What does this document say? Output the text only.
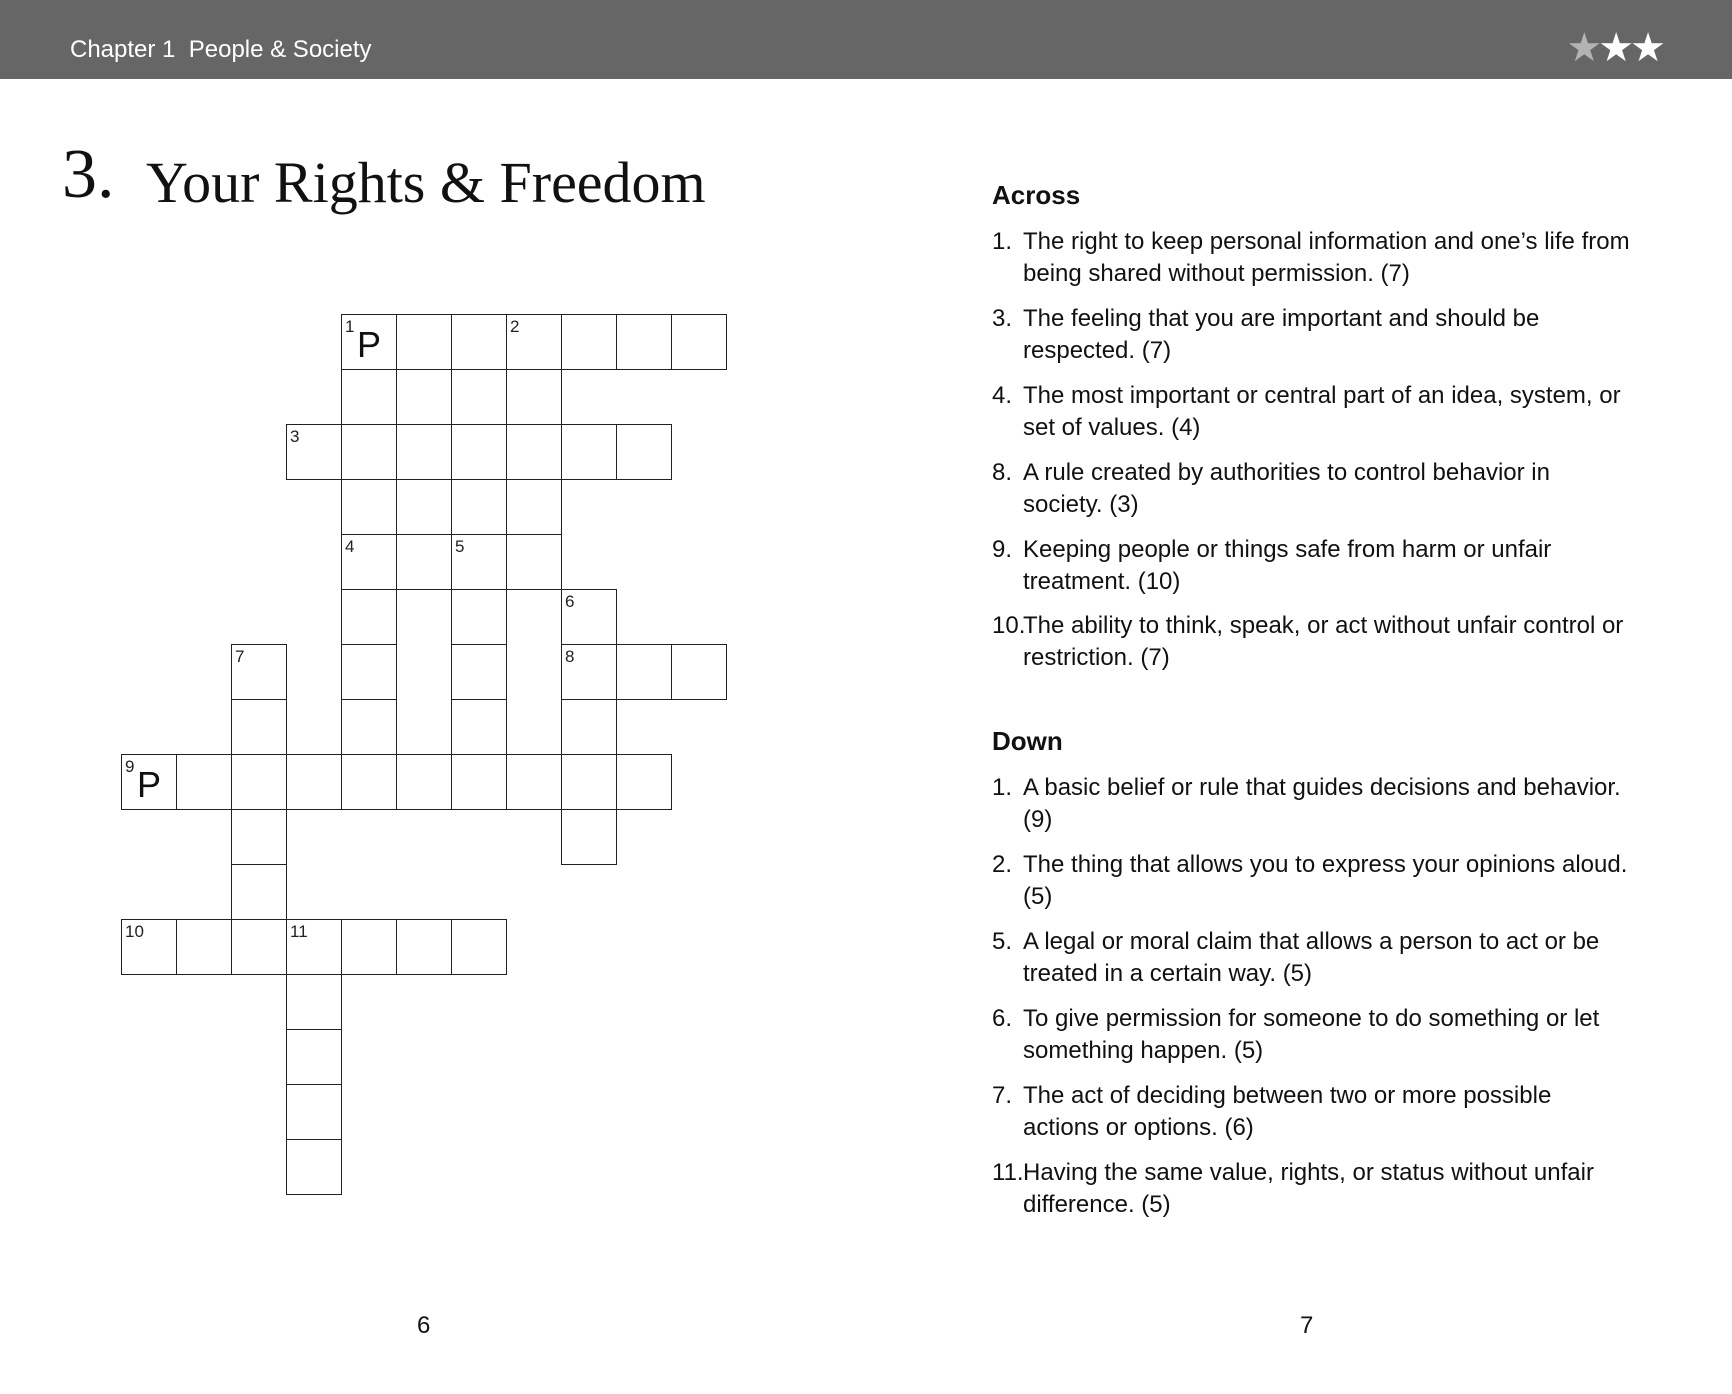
Chapter 1  People & Society	★★★
3. Your Rights & Freedom
1 P	2
3
4	5
6
7	8
9 P
10	11
Across
1. The right to keep personal information and one’s life from being shared without permission. (7)
3. The feeling that you are important and should be respected. (7)
4. The most important or central part of an idea, system, or set of values. (4)
8. A rule created by authorities to control behavior in society. (3)
9. Keeping people or things safe from harm or unfair treatment. (10)
10.
The ability to think, speak, or act without unfair control or restriction. (7)
Down
1. A basic belief or rule that guides decisions and behavior. (9)
2. The thing that allows you to express your opinions aloud. (5)
5. A legal or moral claim that allows a person to act or be treated in a certain way. (5)
6. To give permission for someone to do something or let something happen. (5)
7. The act of deciding between two or more possible actions or options. (6)
11. Having the same value, rights, or status without unfair difference. (5)
6	7
